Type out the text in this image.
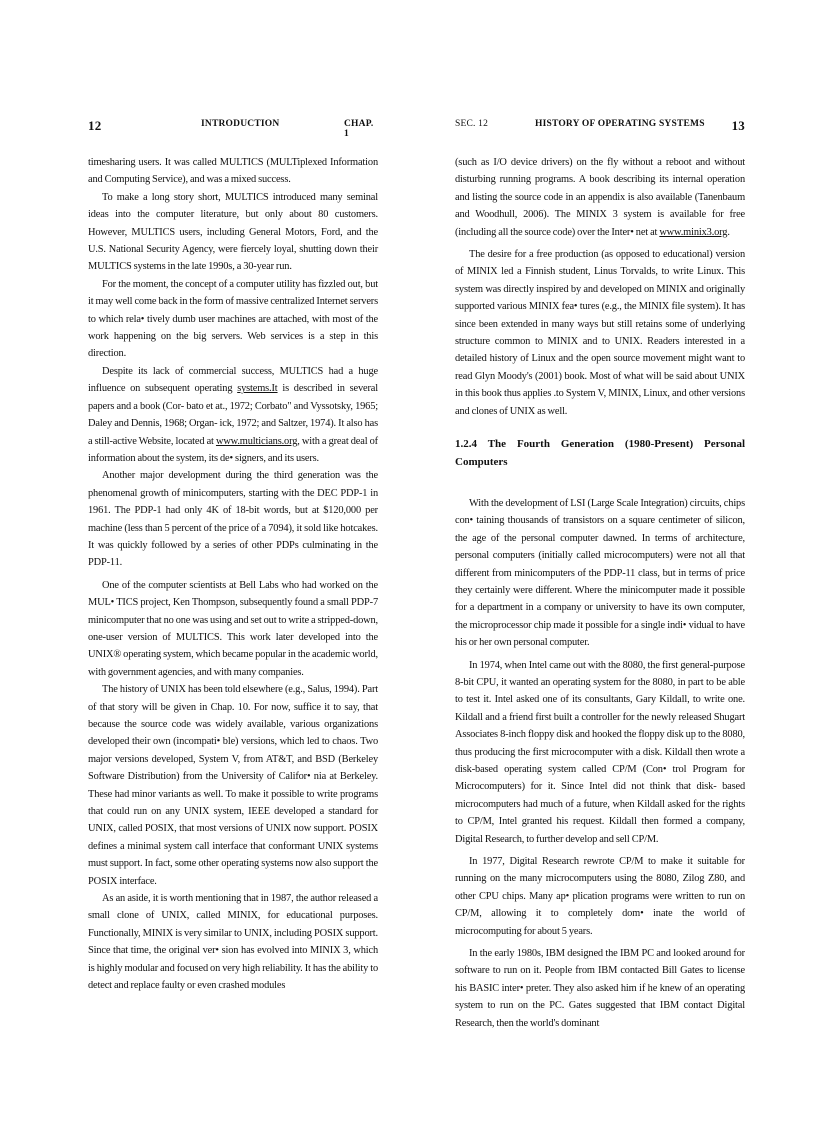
12	INTRODUCTION	CHAP. 1

timesharing users. It was called MULTICS (MULTiplexed Information and Computing Service), and was a mixed success.

To make a long story short, MULTICS introduced many seminal ideas into the computer literature, but only about 80 customers. However, MULTICS users, including General Motors, Ford, and the U.S. National Security Agency, were fiercely loyal, shutting down their MULTICS systems in the late 1990s, a 30-year run.

For the moment, the concept of a computer utility has fizzled out, but it may well come back in the form of massive centralized Internet servers to which rela• tively dumb user machines are attached, with most of the work happening on the big servers. Web services is a step in this direction.

Despite its lack of commercial success, MULTICS had a huge influence on subsequent operating systems.It is described in several papers and a book (Cor- bato et at., 1972; Corbato" and Vyssotsky, 1965; Daley and Dennis, 1968; Organ- ick, 1972; and Saltzer, 1974). It also has a still-active Website, located at www.multicians.org, with a great deal of information about the system, its de• signers, and its users.

Another major development during the third generation was the phenomenal growth of minicomputers, starting with the DEC PDP-1 in 1961. The PDP-1 had only 4K of 18-bit words, but at $120,000 per machine (less than 5 percent of the price of a 7094), it sold like hotcakes. It was quickly followed by a series of other PDPs culminating in the PDP-11.

One of the computer scientists at Bell Labs who had worked on the MUL• TICS project, Ken Thompson, subsequently found a small PDP-7 minicomputer that no one was using and set out to write a stripped-down, one-user version of MULTICS. This work later developed into the UNIX® operating system, which became popular in the academic world, with government agencies, and with many companies.

The history of UNIX has been told elsewhere (e.g., Salus, 1994). Part of that story will be given in Chap. 10. For now, suffice it to say, that because the source code was widely available, various organizations developed their own (incompati• ble) versions, which led to chaos. Two major versions developed, System V, from AT&T, and BSD (Berkeley Software Distribution) from the University of Califor• nia at Berkeley. These had minor variants as well. To make it possible to write programs that could run on any UNIX system, IEEE developed a standard for UNIX, called POSIX, that most versions of UNIX now support. POSIX defines a minimal system call interface that conformant UNIX systems must support. In fact, some other operating systems now also support the POSIX interface.

As an aside, it is worth mentioning that in 1987, the author released a small clone of UNIX, called MINIX, for educational purposes. Functionally, MINIX is very similar to UNIX, including POSIX support. Since that time, the original ver• sion has evolved into MINIX 3, which is highly modular and focused on very high reliability. It has the ability to detect and replace faulty or even crashed modules

SEC. 12	HISTORY OF OPERATING SYSTEMS 13

(such as I/O device drivers) on the fly without a reboot and without disturbing running programs. A book describing its internal operation and listing the source code in an appendix is also available (Tanenbaum and Woodhull, 2006). The MINIX 3 system is available for free (including all the source code) over the Inter• net at www.minix3.org.

The desire for a free production (as opposed to educational) version of MINIX led a Finnish student, Linus Torvalds, to write Linux. This system was directly inspired by and developed on MINIX and originally supported various MINIX fea• tures (e.g., the MINIX file system). It has since been extended in many ways but still retains some of underlying structure common to MINIX and to UNIX. Readers interested in a detailed history of Linux and the open source movement might want to read Glyn Moody's (2001) book. Most of what will be said about UNIX in this book thus applies .to System V, MINIX, Linux, and other versions and clones of UNIX as well.

1.2.4 The Fourth Generation (1980-Present) Personal Computers

With the development of LSI (Large Scale Integration) circuits, chips con• taining thousands of transistors on a square centimeter of silicon, the age of the personal computer dawned. In terms of architecture, personal computers (initially called microcomputers) were not all that different from minicomputers of the PDP-11 class, but in terms of price they certainly were different. Where the minicomputer made it possible for a department in a company or university to have its own computer, the microprocessor chip made it possible for a single indi• vidual to have his or her own personal computer.

In 1974, when Intel came out with the 8080, the first general-purpose 8-bit CPU, it wanted an operating system for the 8080, in part to be able to test it. Intel asked one of its consultants, Gary Kildall, to write one. Kildall and a friend first built a controller for the newly released Shugart Associates 8-inch floppy disk and hooked the floppy disk up to the 8080, thus producing the first microcomputer with a disk. Kildall then wrote a disk-based operating system called CP/M (Con• trol Program for Microcomputers) for it. Since Intel did not think that disk- based microcomputers had much of a future, when Kildall asked for the rights to CP/M, Intel granted his request. Kildall then formed a company, Digital Research, to further develop and sell CP/M.

In 1977, Digital Research rewrote CP/M to make it suitable for running on the many microcomputers using the 8080, Zilog Z80, and other CPU chips. Many ap• plication programs were written to run on CP/M, allowing it to completely dom• inate the world of microcomputing for about 5 years.

In the early 1980s, IBM designed the IBM PC and looked around for software to run on it. People from IBM contacted Bill Gates to license his BASIC inter• preter. They also asked him if he knew of an operating system to run on the PC. Gates suggested that IBM contact Digital Research, then the world's dominant
